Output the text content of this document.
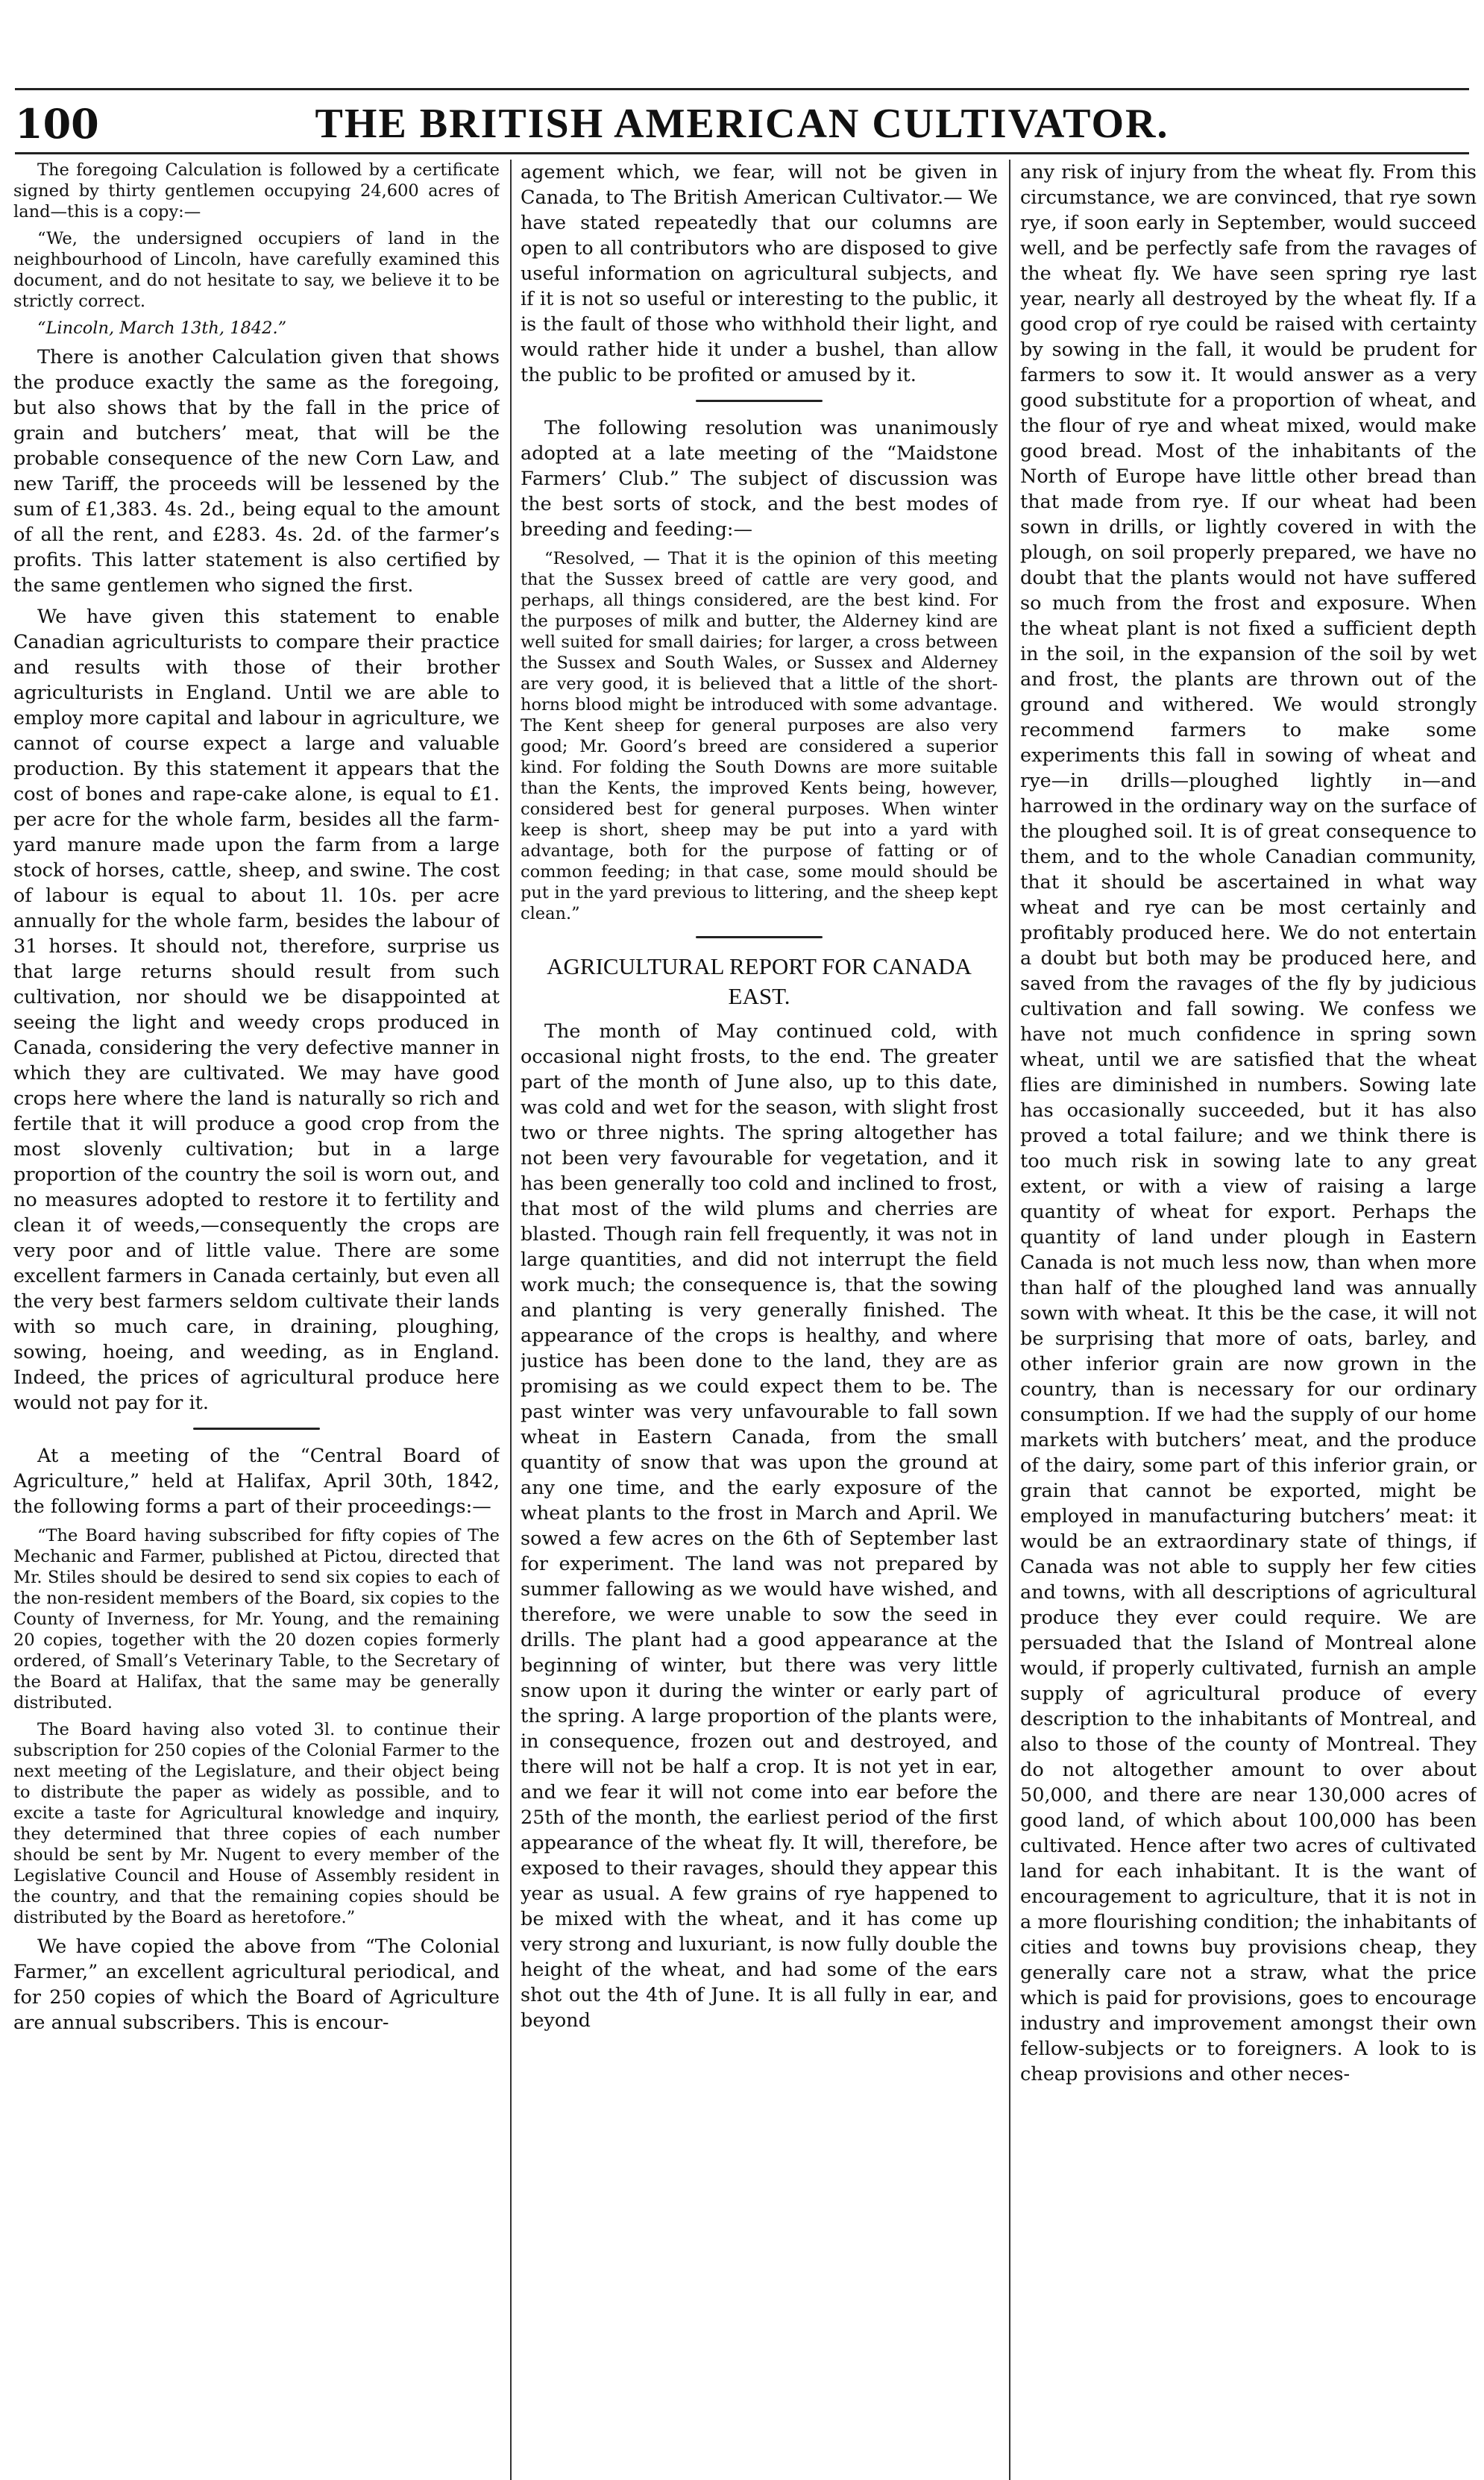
100	THE BRITISH AMERICAN CULTIVATOR.

The foregoing Calculation is followed by a certificate signed by thirty gentlemen occupying 24,600 acres of land—this is a copy:—

“We, the undersigned occupiers of land in the neighbourhood of Lincoln, have carefully examined this document, and do not hesitate to say, we believe it to be strictly correct.

“Lincoln, March 13th, 1842.”

There is another Calculation given that shows the produce exactly the same as the foregoing, but also shows that by the fall in the price of grain and butchers’ meat, that will be the probable consequence of the new Corn Law, and new Tariff, the proceeds will be lessened by the sum of £1,383. 4s. 2d., being equal to the amount of all the rent, and £283. 4s. 2d. of the farmer’s profits. This latter statement is also certified by the same gentlemen who signed the first.

We have given this statement to enable Canadian agriculturists to compare their practice and results with those of their brother agriculturists in England. Until we are able to employ more capital and labour in agriculture, we cannot of course expect a large and valuable production. By this statement it appears that the cost of bones and rape-cake alone, is equal to £1. per acre for the whole farm, besides all the farm-yard manure made upon the farm from a large stock of horses, cattle, sheep, and swine. The cost of labour is equal to about 1l. 10s. per acre annually for the whole farm, besides the labour of 31 horses. It should not, therefore, surprise us that large returns should result from such cultivation, nor should we be disappointed at seeing the light and weedy crops produced in Canada, considering the very defective manner in which they are cultivated. We may have good crops here where the land is naturally so rich and fertile that it will produce a good crop from the most slovenly cultivation; but in a large proportion of the country the soil is worn out, and no measures adopted to restore it to fertility and clean it of weeds,—consequently the crops are very poor and of little value. There are some excellent farmers in Canada certainly, but even all the very best farmers seldom cultivate their lands with so much care, in draining, ploughing, sowing, hoeing, and weeding, as in England. Indeed, the prices of agricultural produce here would not pay for it.

At a meeting of the “Central Board of Agriculture,” held at Halifax, April 30th, 1842, the following forms a part of their proceedings:—

“The Board having subscribed for fifty copies of The Mechanic and Farmer, published at Pictou, directed that Mr. Stiles should be desired to send six copies to each of the non-resident members of the Board, six copies to the County of Inverness, for Mr. Young, and the remaining 20 copies, together with the 20 dozen copies formerly ordered, of Small’s Veterinary Table, to the Secretary of the Board at Halifax, that the same may be generally distributed.

The Board having also voted 3l. to continue their subscription for 250 copies of the Colonial Farmer to the next meeting of the Legislature, and their object being to distribute the paper as widely as possible, and to excite a taste for Agricultural knowledge and inquiry, they determined that three copies of each number should be sent by Mr. Nugent to every member of the Legislative Council and House of Assembly resident in the country, and that the remaining copies should be distributed by the Board as heretofore.”

We have copied the above from “The Colonial Farmer,” an excellent agricultural periodical, and for 250 copies of which the Board of Agriculture are annual subscribers. This is encour-

agement which, we fear, will not be given in Canada, to The British American Cultivator.— We have stated repeatedly that our columns are open to all contributors who are disposed to give useful information on agricultural subjects, and if it is not so useful or interesting to the public, it is the fault of those who withhold their light, and would rather hide it under a bushel, than allow the public to be profited or amused by it.

The following resolution was unanimously adopted at a late meeting of the “Maidstone Farmers’ Club.” The subject of discussion was the best sorts of stock, and the best modes of breeding and feeding:—

“Resolved, — That it is the opinion of this meeting that the Sussex breed of cattle are very good, and perhaps, all things considered, are the best kind. For the purposes of milk and butter, the Alderney kind are well suited for small dairies; for larger, a cross between the Sussex and South Wales, or Sussex and Alderney are very good, it is believed that a little of the short-horns blood might be introduced with some advantage. The Kent sheep for general purposes are also very good; Mr. Goord’s breed are considered a superior kind. For folding the South Downs are more suitable than the Kents, the improved Kents being, however, considered best for general purposes. When winter keep is short, sheep may be put into a yard with advantage, both for the purpose of fatting or of common feeding; in that case, some mould should be put in the yard previous to littering, and the sheep kept clean.”

AGRICULTURAL REPORT FOR CANADA EAST.

The month of May continued cold, with occasional night frosts, to the end. The greater part of the month of June also, up to this date, was cold and wet for the season, with slight frost two or three nights. The spring altogether has not been very favourable for vegetation, and it has been generally too cold and inclined to frost, that most of the wild plums and cherries are blasted. Though rain fell frequently, it was not in large quantities, and did not interrupt the field work much; the consequence is, that the sowing and planting is very generally finished. The appearance of the crops is healthy, and where justice has been done to the land, they are as promising as we could expect them to be. The past winter was very unfavourable to fall sown wheat in Eastern Canada, from the small quantity of snow that was upon the ground at any one time, and the early exposure of the wheat plants to the frost in March and April. We sowed a few acres on the 6th of September last for experiment. The land was not prepared by summer fallowing as we would have wished, and therefore, we were unable to sow the seed in drills. The plant had a good appearance at the beginning of winter, but there was very little snow upon it during the winter or early part of the spring. A large proportion of the plants were, in consequence, frozen out and destroyed, and there will not be half a crop. It is not yet in ear, and we fear it will not come into ear before the 25th of the month, the earliest period of the first appearance of the wheat fly. It will, therefore, be exposed to their ravages, should they appear this year as usual. A few grains of rye happened to be mixed with the wheat, and it has come up very strong and luxuriant, is now fully double the height of the wheat, and had some of the ears shot out the 4th of June. It is all fully in ear, and beyond

any risk of injury from the wheat fly. From this circumstance, we are convinced, that rye sown rye, if soon early in September, would succeed well, and be perfectly safe from the ravages of the wheat fly. We have seen spring rye last year, nearly all destroyed by the wheat fly. If a good crop of rye could be raised with certainty by sowing in the fall, it would be prudent for farmers to sow it. It would answer as a very good substitute for a proportion of wheat, and the flour of rye and wheat mixed, would make good bread. Most of the inhabitants of the North of Europe have little other bread than that made from rye. If our wheat had been sown in drills, or lightly covered in with the plough, on soil properly prepared, we have no doubt that the plants would not have suffered so much from the frost and exposure. When the wheat plant is not fixed a sufficient depth in the soil, in the expansion of the soil by wet and frost, the plants are thrown out of the ground and withered. We would strongly recommend farmers to make some experiments this fall in sowing of wheat and rye—in drills—ploughed lightly in—and harrowed in the ordinary way on the surface of the ploughed soil. It is of great consequence to them, and to the whole Canadian community, that it should be ascertained in what way wheat and rye can be most certainly and profitably produced here. We do not entertain a doubt but both may be produced here, and saved from the ravages of the fly by judicious cultivation and fall sowing. We confess we have not much confidence in spring sown wheat, until we are satisfied that the wheat flies are diminished in numbers. Sowing late has occasionally succeeded, but it has also proved a total failure; and we think there is too much risk in sowing late to any great extent, or with a view of raising a large quantity of wheat for export. Perhaps the quantity of land under plough in Eastern Canada is not much less now, than when more than half of the ploughed land was annually sown with wheat. It this be the case, it will not be surprising that more of oats, barley, and other inferior grain are now grown in the country, than is necessary for our ordinary consumption. If we had the supply of our home markets with butchers’ meat, and the produce of the dairy, some part of this inferior grain, or grain that cannot be exported, might be employed in manufacturing butchers’ meat: it would be an extraordinary state of things, if Canada was not able to supply her few cities and towns, with all descriptions of agricultural produce they ever could require. We are persuaded that the Island of Montreal alone would, if properly cultivated, furnish an ample supply of agricultural produce of every description to the inhabitants of Montreal, and also to those of the county of Montreal. They do not altogether amount to over about 50,000, and there are near 130,000 acres of good land, of which about 100,000 has been cultivated. Hence after two acres of cultivated land for each inhabitant. It is the want of encouragement to agriculture, that it is not in a more flourishing condition; the inhabitants of cities and towns buy provisions cheap, they generally care not a straw, what the price which is paid for provisions, goes to encourage industry and improvement amongst their own fellow-subjects or to foreigners. A look to is cheap provisions and other neces-
